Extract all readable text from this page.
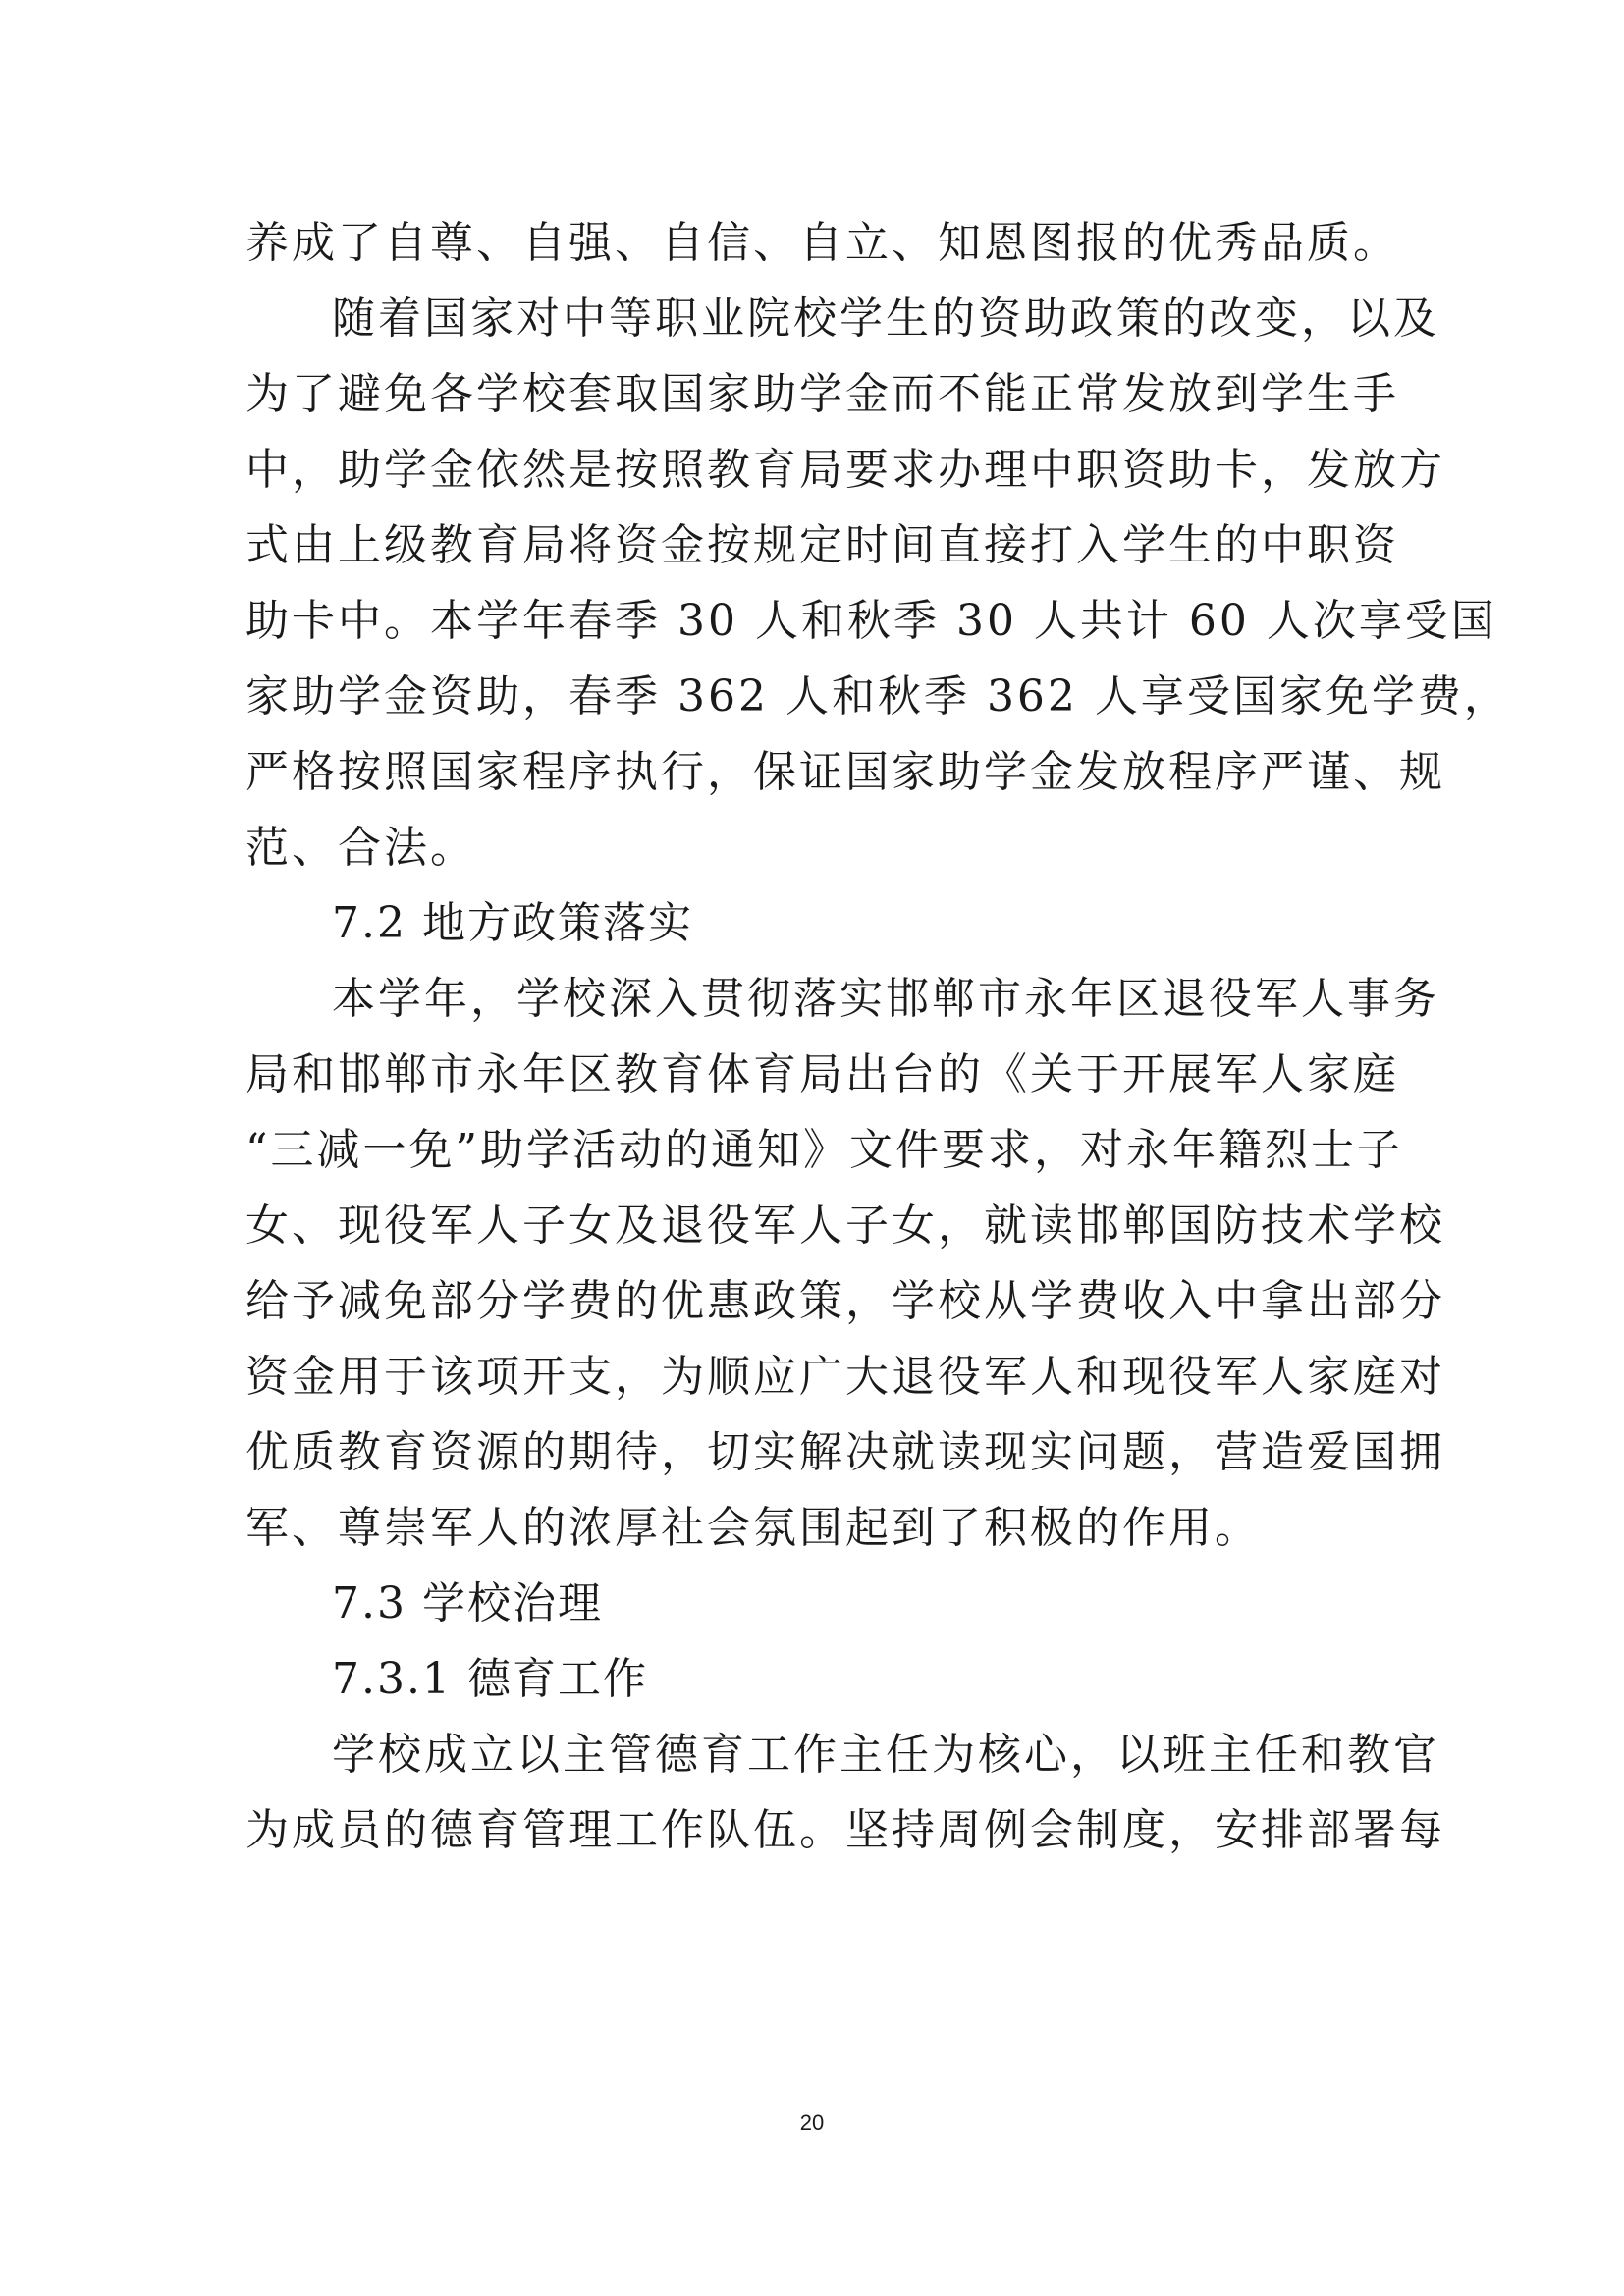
养成了自尊、自强、自信、自立、知恩图报的优秀品质。
随着国家对中等职业院校学生的资助政策的改变，以及
为了避免各学校套取国家助学金而不能正常发放到学生手
中，助学金依然是按照教育局要求办理中职资助卡，发放方
式由上级教育局将资金按规定时间直接打入学生的中职资
助卡中。本学年春季 30 人和秋季 30 人共计 60 人次享受国
家助学金资助，春季 362 人和秋季 362 人享受国家免学费，
严格按照国家程序执行，保证国家助学金发放程序严谨、规
范、合法。
7.2 地方政策落实
本学年，学校深入贯彻落实邯郸市永年区退役军人事务
局和邯郸市永年区教育体育局出台的《关于开展军人家庭
“三减一免”助学活动的通知》文件要求，对永年籍烈士子
女、现役军人子女及退役军人子女，就读邯郸国防技术学校
给予减免部分学费的优惠政策，学校从学费收入中拿出部分
资金用于该项开支，为顺应广大退役军人和现役军人家庭对
优质教育资源的期待，切实解决就读现实问题，营造爱国拥
军、尊崇军人的浓厚社会氛围起到了积极的作用。
7.3 学校治理
7.3.1 德育工作
学校成立以主管德育工作主任为核心，以班主任和教官
为成员的德育管理工作队伍。坚持周例会制度，安排部署每
20
